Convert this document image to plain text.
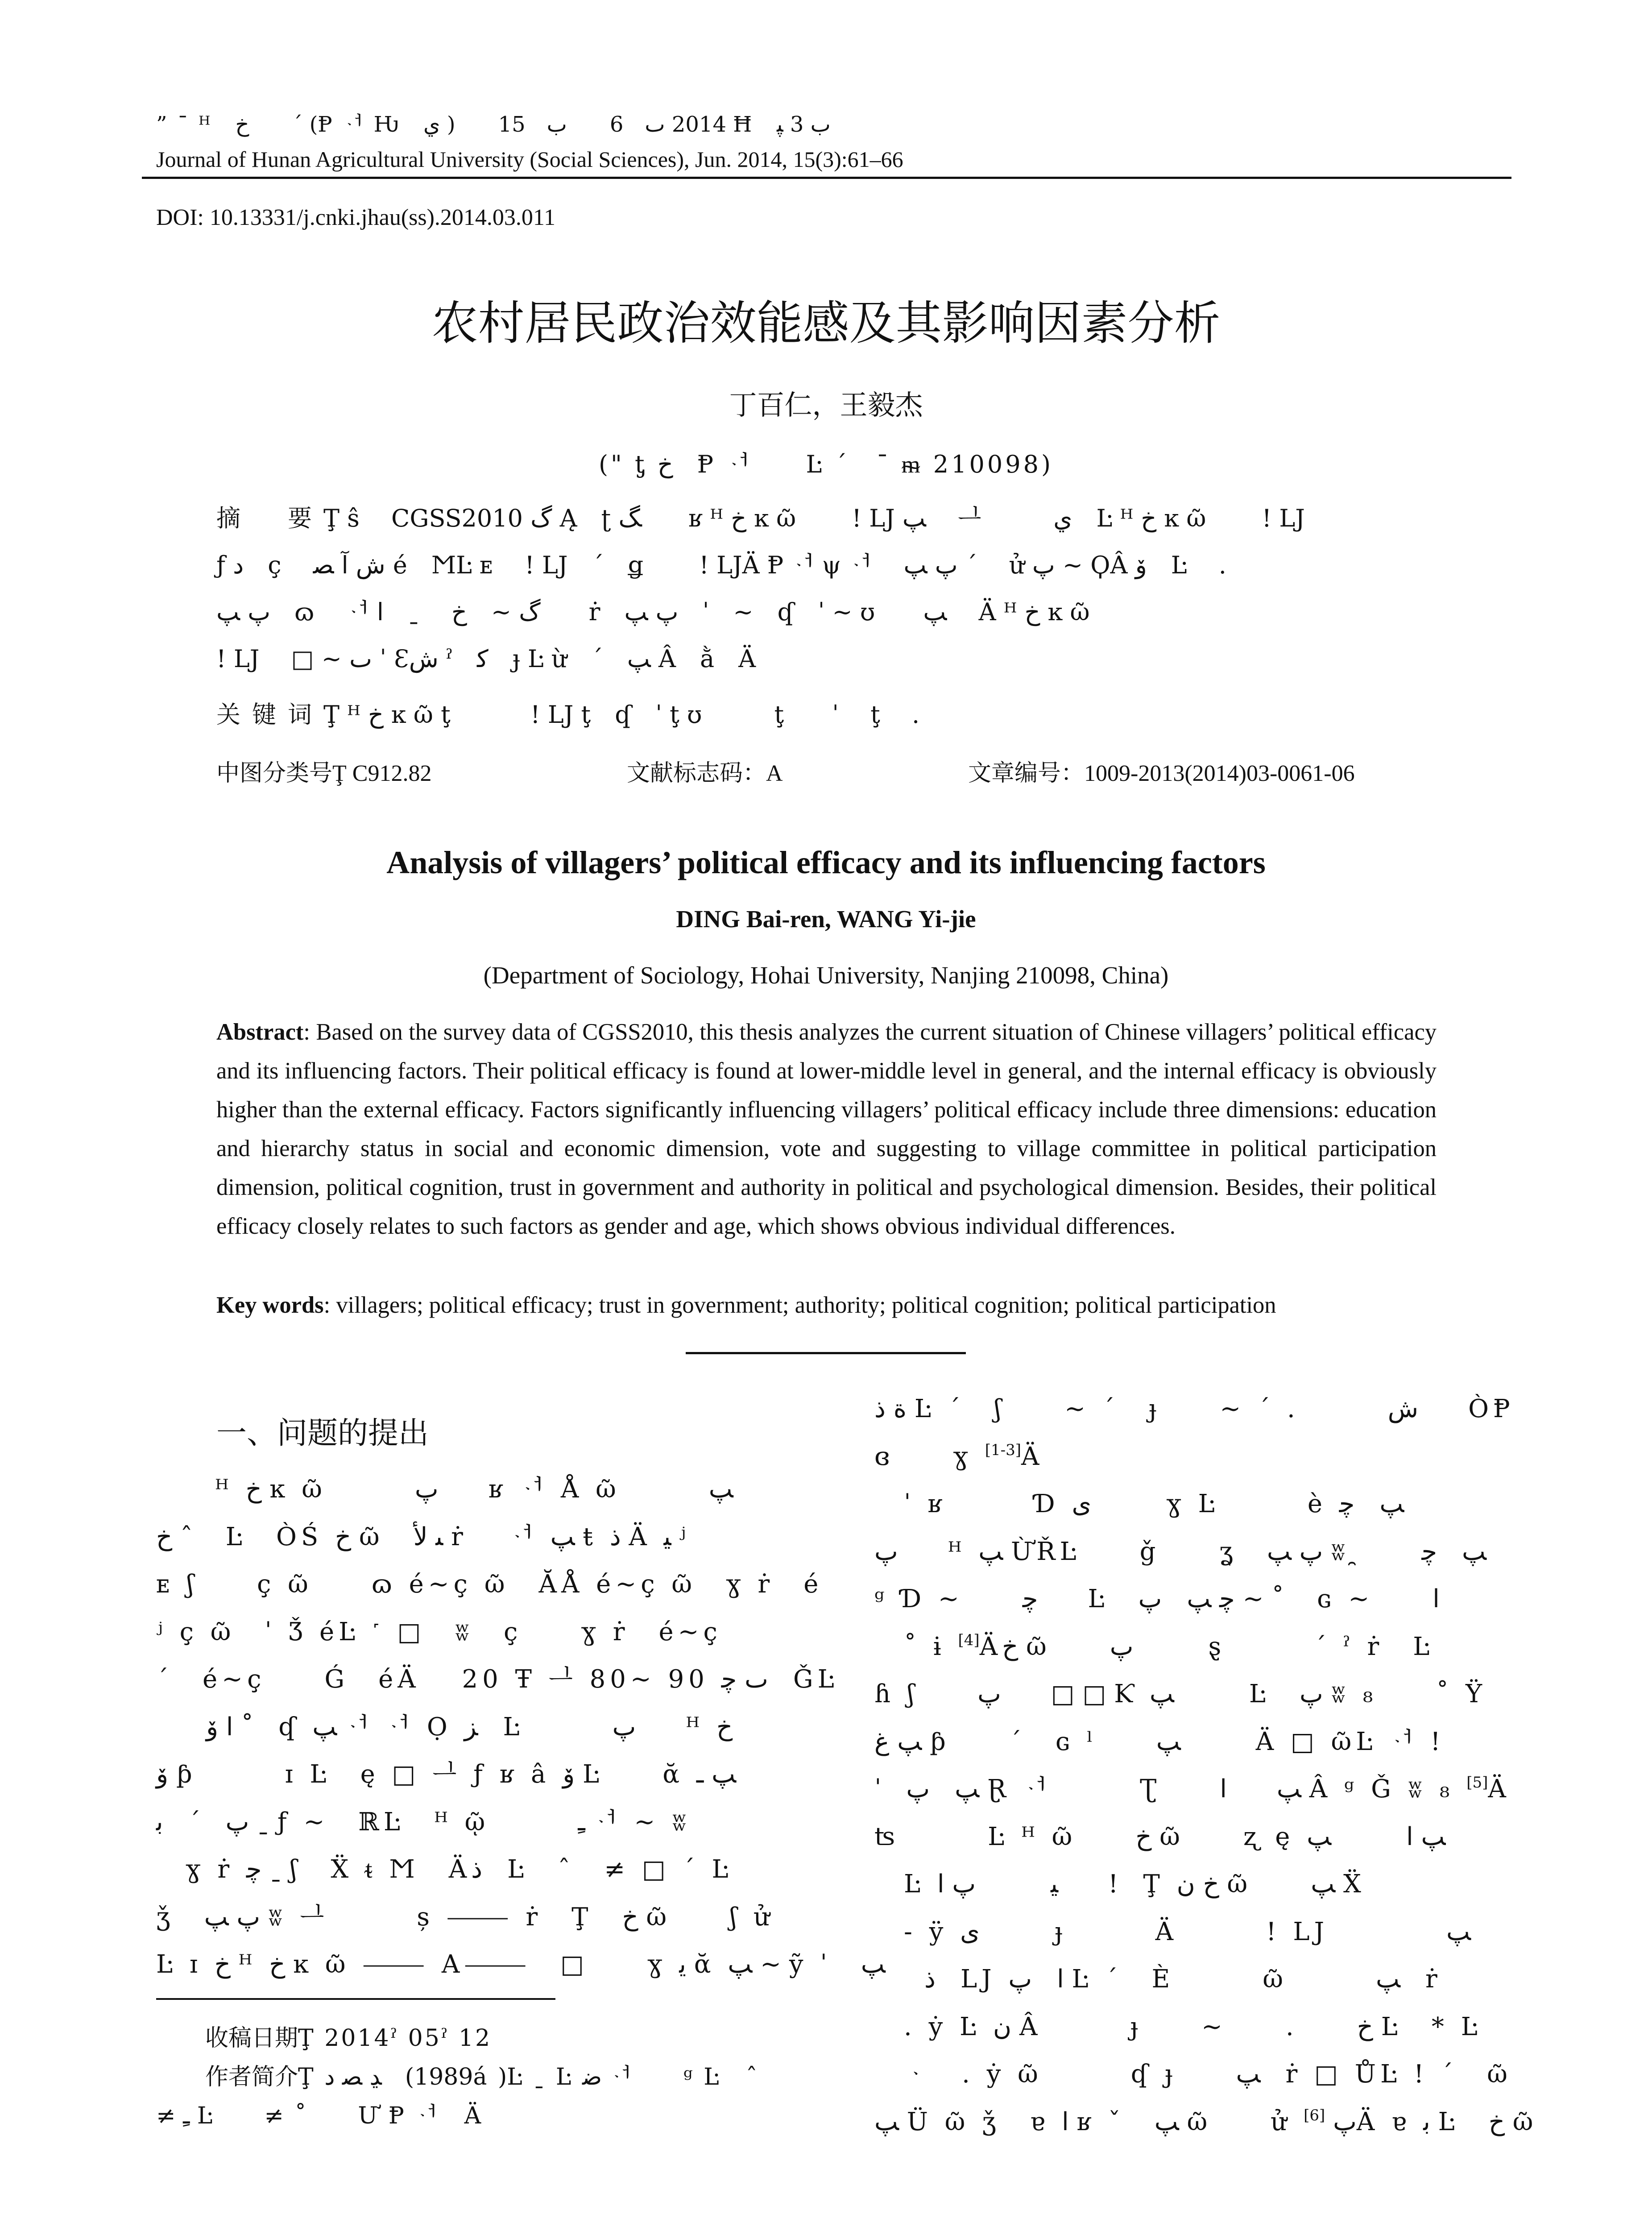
” ¯ ᴴ　ﺥ　　ˊ (Ᵽ ᆟ Ƕ　ي )　　2014 ٮ　6　　ب　15 Ħ　ب 3 ﭙ
Journal of Hunan Agricultural University (Social Sciences), Jun. 2014, 15(3):61–66
DOI: 10.13331/j.cnki.jhau(ss).2014.03.011
农村居民政治效能感及其影响因素分析
丁百仁，王毅杰
(" ƫ ﺥ　Ᵽ ᆟ　　Ŀ ˊ　ˉ ᵯ 210098)
摘　要Ţ ŝ　 CGSS2010 ﮒ Ą　ʈ ﮓ　　ʁ ᴴ ﺥ ĸ ῶ　　 ! LJ ﭗ　 ᆜ　　　ي　Ŀ ᴴ ﺥ ĸ ῶ　　 ! LJ
ƒ ﺩ　ç　 ﺵ ﺁ ﺼ é　ϺĿ ᴇ　 ! LJ　ˊ　ǥ　　 ! LJÄ Ᵽ ᆟ ψ ᆟ　 ﭖ ﭗ ˊ　 ử ﭖ ~ ϘÂ ﯙ　Ŀ　 .
ﭖ ﭗ　ɷ　 ᆟ ﮒ ~　ﺥ　 ˍ　ﺍ　　ṙ　ﭖ ﭗ　ˈ　~　ʠ　ˈ ~ ʊ　　ﭗ　 Ä ᴴ ﺥ ĸ ῶ
! LJ　 □ ~ ٮ ˈ Ɛﺵ ˀ　ﮐ　ɟ Ŀ ừ　ˊ　ﭗ Â　ằ　Ä
关键词Ţ ᴴ ﺥ ĸ ῶ ţ　　　 ! LJ ţ　ʠ　ˈ ţ ʊ　　　ţ　　ˈ　 ţ　 .
中图分类号Ţ C912.82	文献标志码：A	文章编号：1009-2013(2014)03-0061-06
Analysis of villagers’ political efficacy and its influencing factors
DING Bai-ren, WANG Yi-jie
(Department of Sociology, Hohai University, Nanjing 210098, China)
Abstract: Based on the survey data of CGSS2010, this thesis analyzes the current situation of Chinese villagers’ political efficacy and its influencing factors. Their political efficacy is found at lower-middle level in general, and the internal efficacy is obviously higher than the external efficacy. Factors significantly influencing villagers’ political efficacy include three dimensions: education and hierarchy status in social and economic dimension, vote and suggesting to village committee in political participation dimension, political cognition, trust in government and authority in political and psychological dimension. Besides, their political efficacy closely relates to such factors as gender and age, which shows obvious individual differences.
Key words: villagers; political efficacy; trust in government; authority; political cognition; political participation
一、问题的提出
　　ᴴ ﺥ ĸ ῶ　　　ﭖ　　ʁ ᆟ Å ῶ　　　ﭗ
ﺥ ˆ　 Ŀ　ÒŚ ﺥ ῶ　ﯩ ﻷ ṙ　 ᆟ ﭗ ŧ ﺫ Ä ﯿ ʲ
ᴇ ʃ　　ç ῶ　　ɷ é~ç ῶ　ĂÅ é~ç ῶ　ɣ ṙ　é
ʲ ç ῶ　ˈ Ǯ éĿ ˹ □　ʬ　ç　　ɣ ṙ　é~ç
ˊ　é~ç　　Ǵ　éÄ　 20 Ŧ ᆜ 80~ 90 ٮ ﭼ　ǦĿ
　　ﺍ ﯙ ˚　ʠ ﭗ ᆟ ᆟ Ọ ﺰ　Ŀ　　　ﭖ　　ᴴ ﺥ
ﯙ ƥ　　　ɪ Ŀ　ę □ ᆜ ƒ ʁ â ﯙ Ŀ　　ᾰ ﭗ ـ
ﭖ　ˊ　ﺑ ˍ ƒ ~　ℝĿ　ᴴ ῷ　　　ﹻ ᆟ ~ ʬ
　ɣ ṙ ﭼ ˍ ʃ　Ẍ ᵵ Ϻ　Äﺫ　Ŀ　ˆ　≠ □ ˊ Ŀ
ǯ　ﭖ ﭗ ʬ ᆜ　　　ș ⸻ ṙ　Ţ　ﺥ ῶ　　ʃ ử
Ŀ ɪ ﺥ ᴴ ﺥ ĸ ῶ ⸻ A⸻　□　　ɣ ﯾ ᾰ ﭗ ~ ỹ ˈ　ﭗ
ﺓ ﺫ Ŀ ˊ　ʃ　　~ ˊ　ɟ　　~ ˊ .　　　ﺵ　　ÒⱣ
ɞ　　ɣ [1-3]Ä
　ˈ ʁ　　　Ɗ ی　　　ɣ Ŀ　　　è ﭗ　ﭼ
ﭖ　　ᴴ ﭗ ỪŘĿ　　ǧ　　ʓ　ﭖ ﭗ ʬ ̯　　ﭗ　ﭼ
ᵍ Ɗ ~　　ﭼ　　Ŀ　ﭼ ﭗ　ﭖ ~ ˚　 ɢ ~　　ﺍ
　˚ ɨ [4]Äﺥ ῶ　　ﭖ　　　ȿ　　　ˊ ˀ ṙ　Ŀ
ɦ ʃ　　ﭖ　　□ □ Ƙ ﭗ　　　Ŀ　ﭖ ʬ ₈　　˚ Ÿ
ﭗ ﻍ ƥ　　ˊ　ɢ ˡ　　ﭗ　　　Ä □ ῶĿ ᆟ !
ˈ　ﭗ　ﭖ Ɽ ᆟ　　　Ʈ　　ﭗ　　ﺍ Â ᵍ Ǧ ʬ ₈ [5]Ä
ʦ　　　Ŀ ᴴ ῶ　　ﺥ ῶ　　ʐ ę ﭗ ﺍ　　　ﭗ
　Ŀ ﯿ　　　ﭖ ﺍ　　!　Ţ ﺥ ﻥ ῶ　　ﭗ Ẍ
　- ÿ ی　　　ɟ　　　Ä　　　! LJ　　　　ﭗ
　　ﺫ　LJ ﺍ　ﭖ Ŀ ˊ　È　　　ῶ　　　ﭗ　ṙ
　. ẏ Ŀ ﻥ Â　　　ɟ　　~　　.　　ﺥ Ŀ　* Ŀ
　ᆞ　. ẏ ῶ　　　ʠ ɟ　　ﭗ　ṙ □ ŮĿ ! ˊ　ῶ
ﭗ Ü ῶ ǯ　ɐ ﺍ ʁ ˇ　ﭗ ῶ　　ử ﭖ [6] Ä ɐ ﺑ Ŀ　ﺥ ῶ
收稿日期Ţ 2014ˀ 05ˀ 12
作者简介Ţ ﮃ ﺼ ﺩ　(1989á )Ŀ ˍ Ŀ ﺿ ᆟ　　ᵍ Ŀ　ˆ
≠ ﹻ Ŀ　　≠ ˚　　Ư Ᵽ ᆟ　Ä
